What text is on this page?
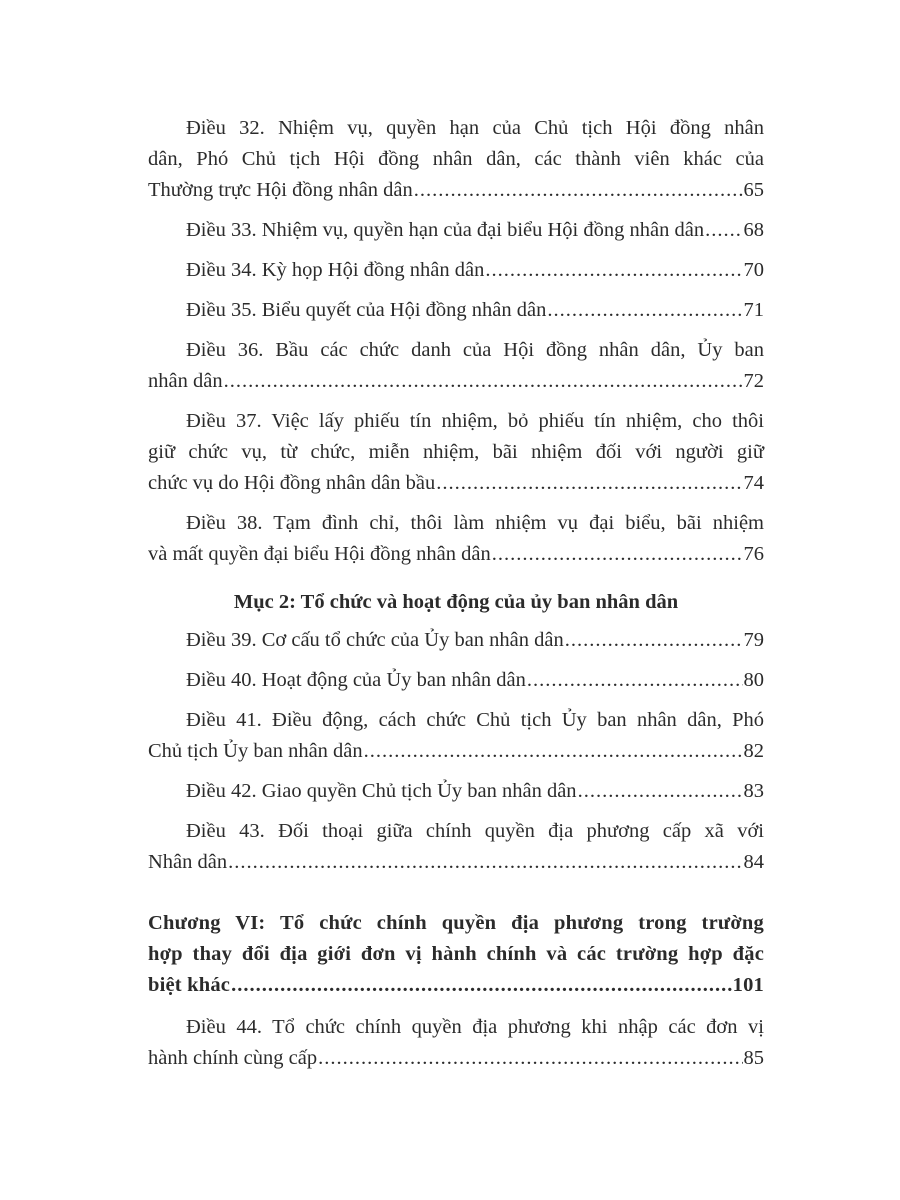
Điều 32. Nhiệm vụ, quyền hạn của Chủ tịch Hội đồng nhân
dân, Phó Chủ tịch Hội đồng nhân dân, các thành viên khác của
Thường trực Hội đồng nhân dân .....	65
Điều 33. Nhiệm vụ, quyền hạn của đại biểu Hội đồng nhân dân ..... 68
Điều 34. Kỳ họp Hội đồng nhân dân .....	70
Điều 35. Biểu quyết của Hội đồng nhân dân .....	71
Điều 36. Bầu các chức danh của Hội đồng nhân dân, Ủy ban
nhân dân .....	72
Điều 37. Việc lấy phiếu tín nhiệm, bỏ phiếu tín nhiệm, cho thôi
giữ chức vụ, từ chức, miễn nhiệm, bãi nhiệm đối với người giữ
chức vụ do Hội đồng nhân dân bầu .....	74
Điều 38. Tạm đình chỉ, thôi làm nhiệm vụ đại biểu, bãi nhiệm
và mất quyền đại biểu Hội đồng nhân dân .....	76
Mục 2: Tổ chức và hoạt động của ủy ban nhân dân
Điều 39. Cơ cấu tổ chức của Ủy ban nhân dân .....	79
Điều 40. Hoạt động của Ủy ban nhân dân .....	80
Điều 41. Điều động, cách chức Chủ tịch Ủy ban nhân dân, Phó
Chủ tịch Ủy ban nhân dân .....	82
Điều 42. Giao quyền Chủ tịch Ủy ban nhân dân .....	83
Điều 43. Đối thoại giữa chính quyền địa phương cấp xã với
Nhân dân .....	84
Chương VI: Tổ chức chính quyền địa phương trong trường
hợp thay đổi địa giới đơn vị hành chính và các trường hợp đặc
biệt khác .....	101
Điều 44. Tổ chức chính quyền địa phương khi nhập các đơn vị
hành chính cùng cấp .....	85
